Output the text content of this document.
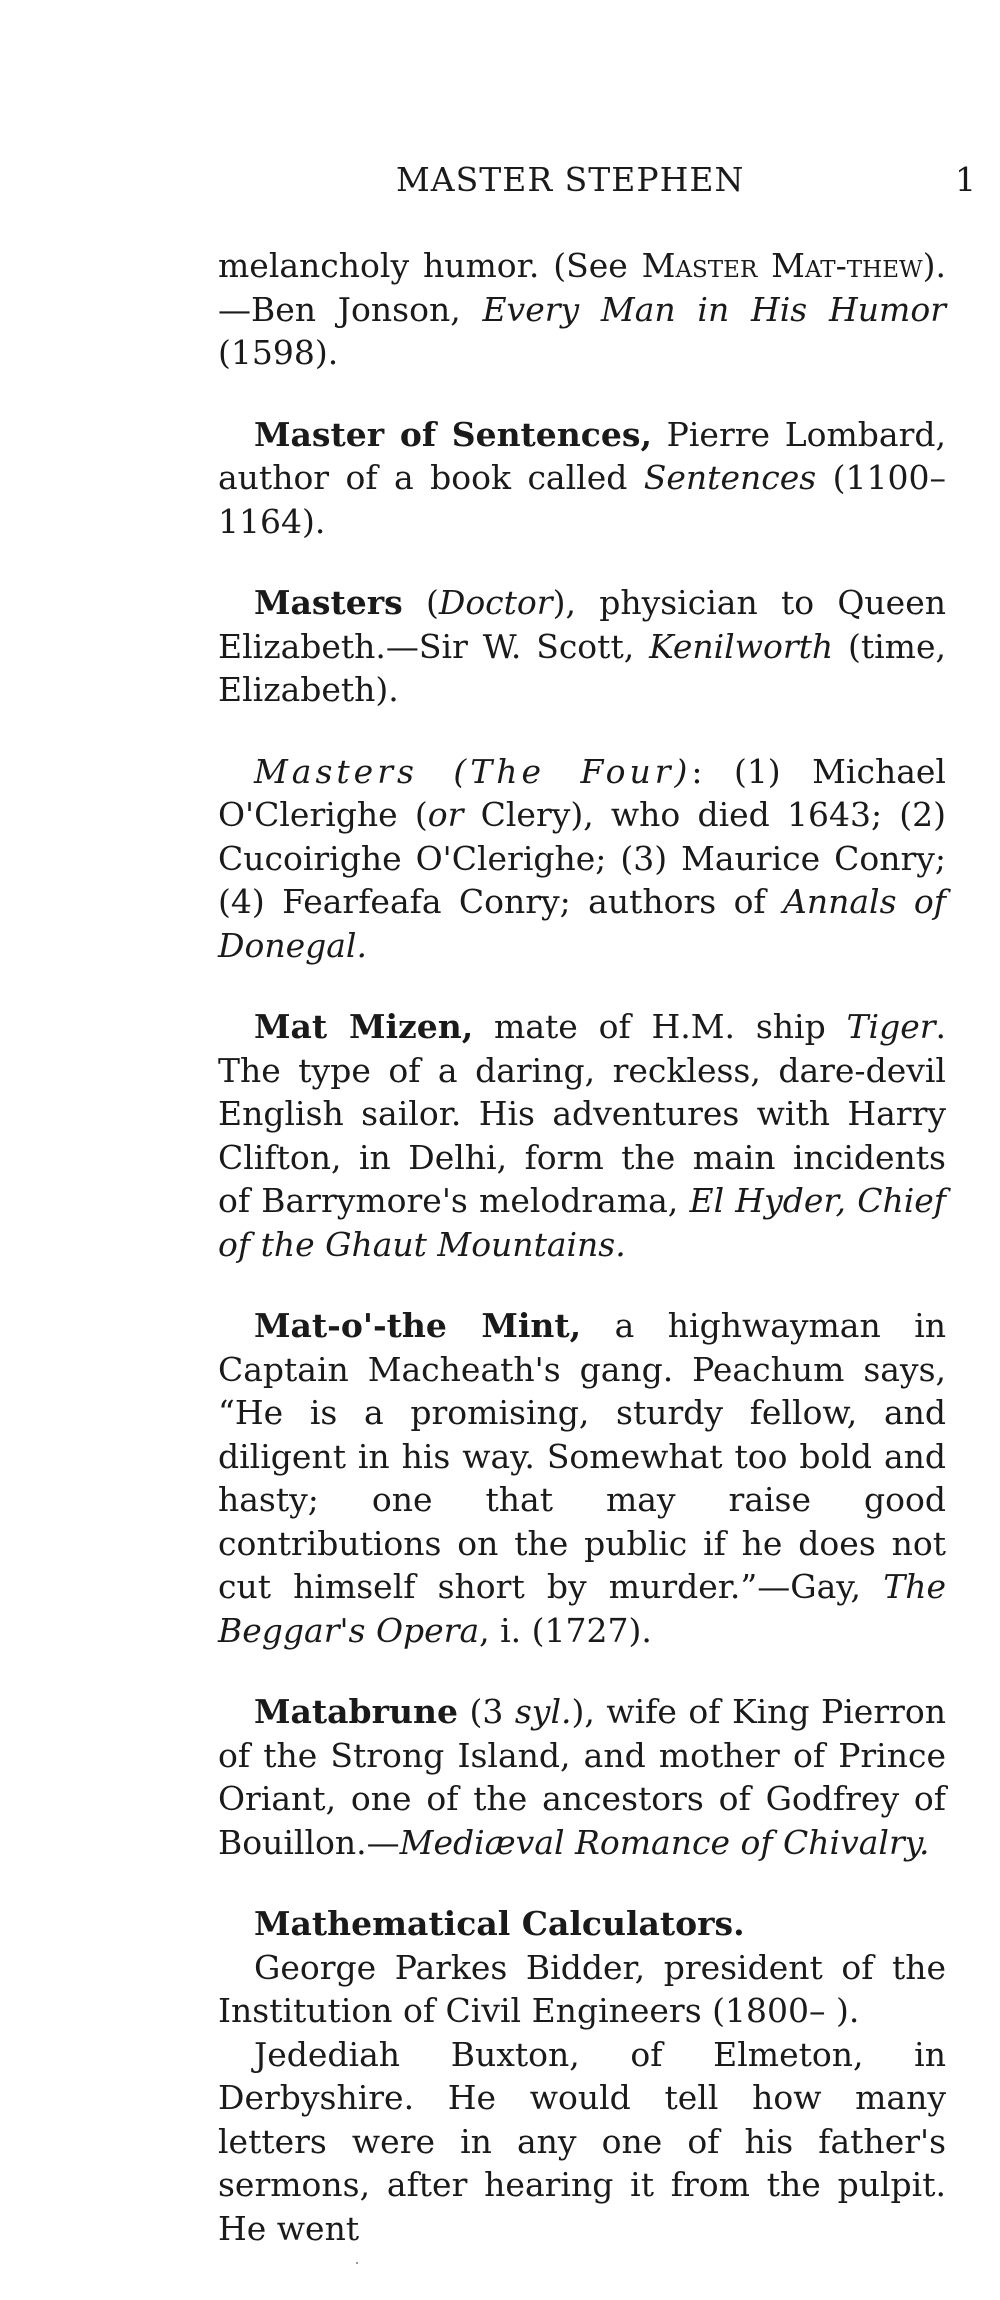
MASTER STEPHEN	1

melancholy humor. (See Master Mat-thew).—Ben Jonson, Every Man in His Humor (1598).

Master of Sentences, Pierre Lombard, author of a book called Sentences (1100–1164).

Masters (Doctor), physician to Queen Elizabeth.—Sir W. Scott, Kenilworth (time, Elizabeth).

Masters (The Four): (1) Michael O'Clerighe (or Clery), who died 1643; (2) Cucoirighe O'Clerighe; (3) Maurice Conry; (4) Fearfeafa Conry; authors of Annals of Donegal.

Mat Mizen, mate of H.M. ship Tiger. The type of a daring, reckless, dare-devil English sailor. His adventures with Harry Clifton, in Delhi, form the main incidents of Barrymore's melodrama, El Hyder, Chief of the Ghaut Mountains.

Mat-o'-the Mint, a highwayman in Captain Macheath's gang. Peachum says, “He is a promising, sturdy fellow, and diligent in his way. Somewhat too bold and hasty; one that may raise good contributions on the public if he does not cut himself short by murder.”—Gay, The Beggar's Opera, i. (1727).

Matabrune (3 syl.), wife of King Pierron of the Strong Island, and mother of Prince Oriant, one of the ancestors of Godfrey of Bouillon.—Mediæval Romance of Chivalry.

Mathematical Calculators.

George Parkes Bidder, president of the Institution of Civil Engineers (1800– ).

Jedediah Buxton, of Elmeton, in Derbyshire. He would tell how many letters were in any one of his father's sermons, after hearing it from the pulpit. He went
